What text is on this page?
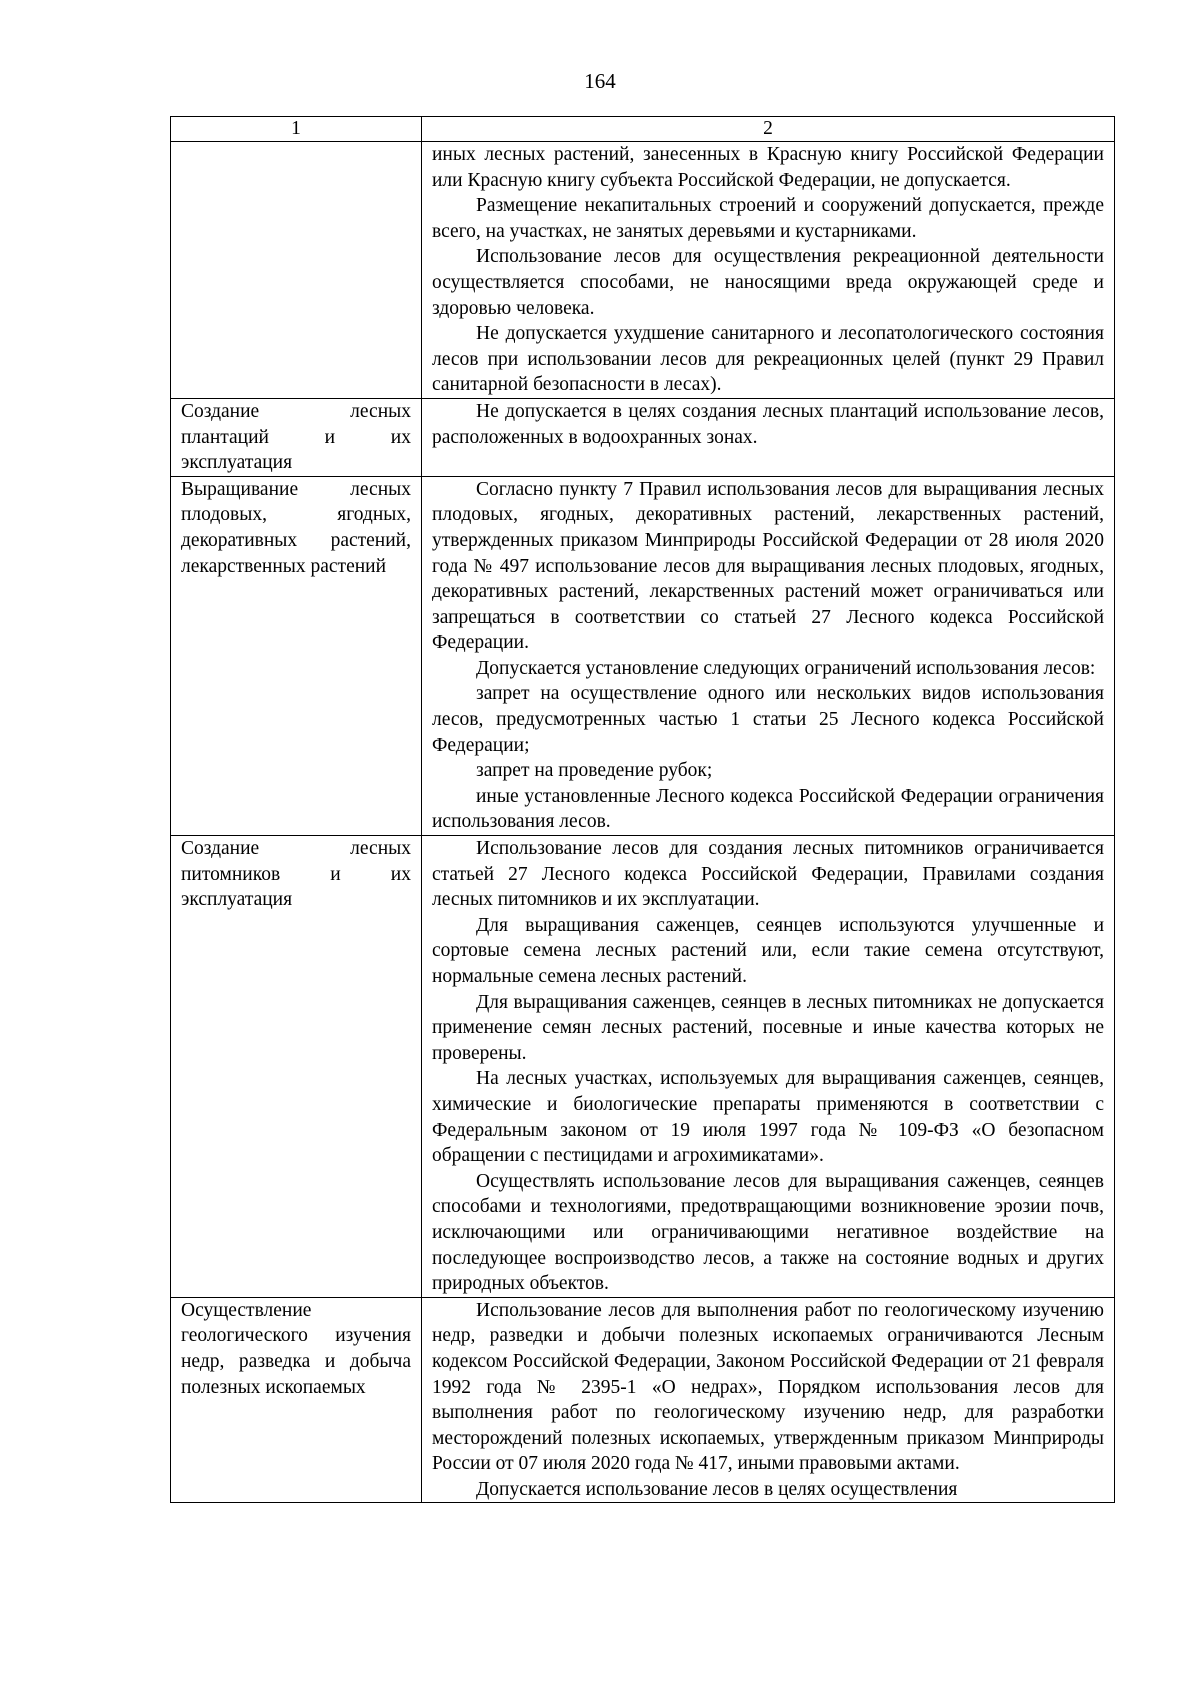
164
1	2

	иных лесных растений, занесенных в Красную книгу Российской Федерации или Красную книгу субъекта Российской Федерации, не допускается.

Размещение некапитальных строений и сооружений допускается, прежде всего, на участках, не занятых деревьями и кустарниками.

Использование лесов для осуществления рекреационной деятельности осуществляется способами, не наносящими вреда окружающей среде и здоровью человека.

Не допускается ухудшение санитарного и лесопатологического состояния лесов при использовании лесов для рекреационных целей (пункт 29 Правил санитарной безопасности в лесах).

Создание лесных плантаций и их эксплуатация	Не допускается в целях создания лесных плантаций использование лесов, расположенных в водоохранных зонах.

Выращивание лесных плодовых, ягодных, декоративных растений, лекарственных растений	Согласно пункту 7 Правил использования лесов для выращивания лесных плодовых, ягодных, декоративных растений, лекарственных растений, утвержденных приказом Минприроды Российской Федерации от 28 июля 2020 года № 497 использование лесов для выращивания лесных плодовых, ягодных, декоративных растений, лекарственных растений может ограничиваться или запрещаться в соответствии со статьей 27 Лесного кодекса Российской Федерации.

Допускается установление следующих ограничений использования лесов:

запрет на осуществление одного или нескольких видов использования лесов, предусмотренных частью 1 статьи 25 Лесного кодекса Российской Федерации;

запрет на проведение рубок;

иные установленные Лесного кодекса Российской Федерации ограничения использования лесов.

Создание лесных питомников и их эксплуатация	Использование лесов для создания лесных питомников ограничивается статьей 27 Лесного кодекса Российской Федерации, Правилами создания лесных питомников и их эксплуатации.

Для выращивания саженцев, сеянцев используются улучшенные и сортовые семена лесных растений или, если такие семена отсутствуют, нормальные семена лесных растений.

Для выращивания саженцев, сеянцев в лесных питомниках не допускается применение семян лесных растений, посевные и иные качества которых не проверены.

На лесных участках, используемых для выращивания саженцев, сеянцев, химические и биологические препараты применяются в соответствии с Федеральным законом от 19 июля 1997 года № 109-ФЗ «О безопасном обращении с пестицидами и агрохимикатами».

Осуществлять использование лесов для выращивания саженцев, сеянцев способами и технологиями, предотвращающими возникновение эрозии почв, исключающими или ограничивающими негативное воздействие на последующее воспроизводство лесов, а также на состояние водных и других природных объектов.

Осуществление геологического изучения недр, разведка и добыча полезных ископаемых	Использование лесов для выполнения работ по геологическому изучению недр, разведки и добычи полезных ископаемых ограничиваются Лесным кодексом Российской Федерации, Законом Российской Федерации от 21 февраля 1992 года № 2395-1 «О недрах», Порядком использования лесов для выполнения работ по геологическому изучению недр, для разработки месторождений полезных ископаемых, утвержденным приказом Минприроды России от 07 июля 2020 года № 417, иными правовыми актами.

Допускается использование лесов в целях осуществления
